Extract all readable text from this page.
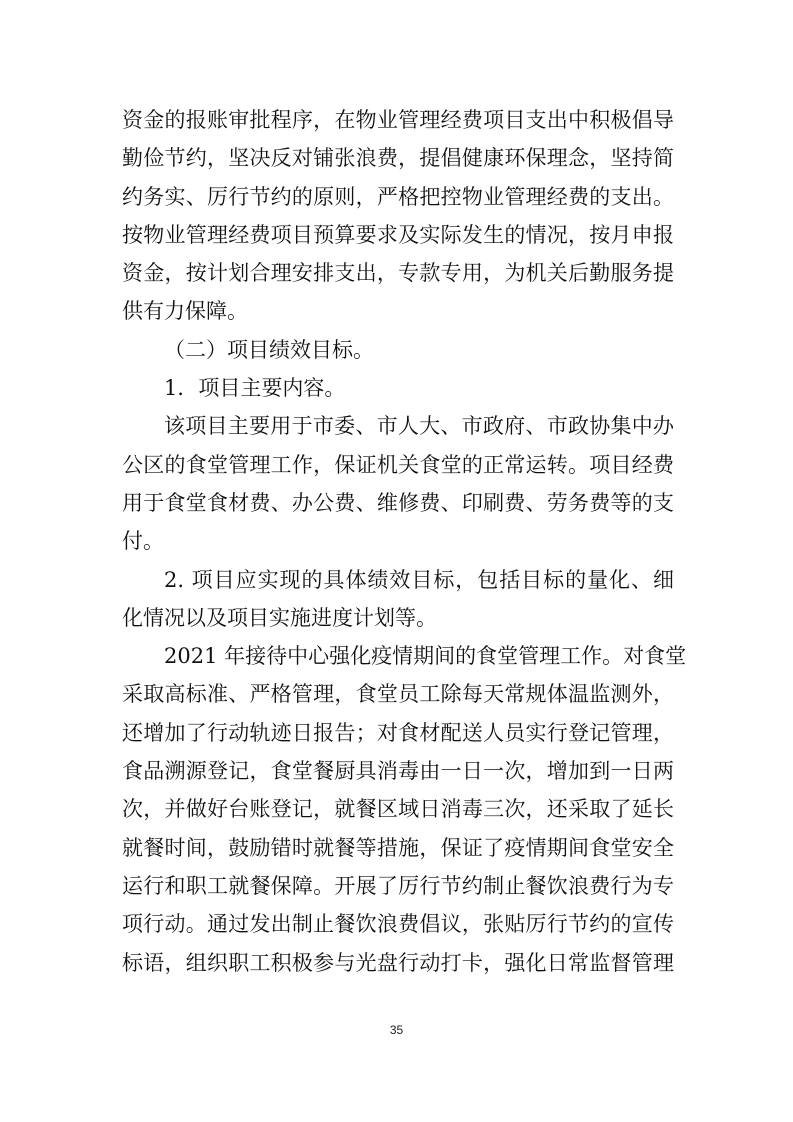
资金的报账审批程序，在物业管理经费项目支出中积极倡导
勤俭节约，坚决反对铺张浪费，提倡健康环保理念，坚持简
约务实、厉行节约的原则，严格把控物业管理经费的支出。
按物业管理经费项目预算要求及实际发生的情况，按月申报
资金，按计划合理安排支出，专款专用，为机关后勤服务提
供有力保障。
（二）项目绩效目标。
1．项目主要内容。
该项目主要用于市委、市人大、市政府、市政协集中办
公区的食堂管理工作，保证机关食堂的正常运转。项目经费
用于食堂食材费、办公费、维修费、印刷费、劳务费等的支
付。
2. 项目应实现的具体绩效目标，包括目标的量化、细
化情况以及项目实施进度计划等。
2021 年接待中心强化疫情期间的食堂管理工作。对食堂
采取高标准、严格管理，食堂员工除每天常规体温监测外，
还增加了行动轨迹日报告；对食材配送人员实行登记管理，
食品溯源登记，食堂餐厨具消毒由一日一次，增加到一日两
次，并做好台账登记，就餐区域日消毒三次，还采取了延长
就餐时间，鼓励错时就餐等措施，保证了疫情期间食堂安全
运行和职工就餐保障。开展了厉行节约制止餐饮浪费行为专
项行动。通过发出制止餐饮浪费倡议，张贴厉行节约的宣传
标语，组织职工积极参与光盘行动打卡，强化日常监督管理
35
